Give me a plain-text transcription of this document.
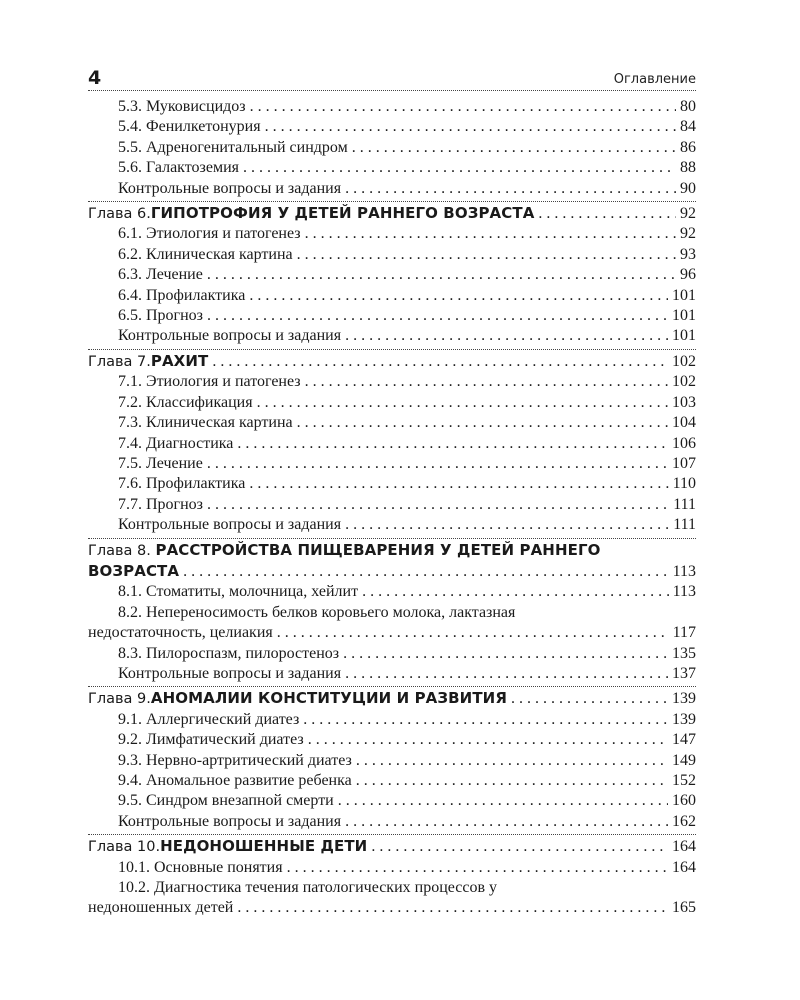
4	Оглавление
5.3. Муковисцидоз . . .	80
5.4. Фенилкетонурия . . .	84
5.5. Адреногенитальный синдром . . .	86
5.6. Галактоземия . . .	88
Контрольные вопросы и задания . . .	90
Глава 6. ГИПОТРОФИЯ У ДЕТЕЙ РАННЕГО ВОЗРАСТА . . .	92
6.1. Этиология и патогенез . . .	92
6.2. Клиническая картина . . .	93
6.3. Лечение . . .	96
6.4. Профилактика . . .	101
6.5. Прогноз . . .	101
Контрольные вопросы и задания . . .	101
Глава 7. РАХИТ . . .	102
7.1. Этиология и патогенез . . .	102
7.2. Классификация . . .	103
7.3. Клиническая картина . . .	104
7.4. Диагностика . . .	106
7.5. Лечение . . .	107
7.6. Профилактика . . .	110
7.7. Прогноз . . .	111
Контрольные вопросы и задания . . .	111
Глава 8. РАССТРОЙСТВА ПИЩЕВАРЕНИЯ У ДЕТЕЙ РАННЕГО
ВОЗРАСТА . . .	113
8.1. Стоматиты, молочница, хейлит . . .	113
8.2. Непереносимость белков коровьего молока, лактазная
недостаточность, целиакия . . .	117
8.3. Пилороспазм, пилоростеноз . . .	135
Контрольные вопросы и задания . . .	137
Глава 9. АНОМАЛИИ КОНСТИТУЦИИ И РАЗВИТИЯ . . .	139
9.1. Аллергический диатез . . .	139
9.2. Лимфатический диатез . . .	147
9.3. Нервно-артритический диатез . . .	149
9.4. Аномальное развитие ребенка . . .	152
9.5. Синдром внезапной смерти . . .	160
Контрольные вопросы и задания . . .	162
Глава 10. НЕДОНОШЕННЫЕ ДЕТИ . . .	164
10.1. Основные понятия . . .	164
10.2. Диагностика течения патологических процессов у
недоношенных детей . . .	165
